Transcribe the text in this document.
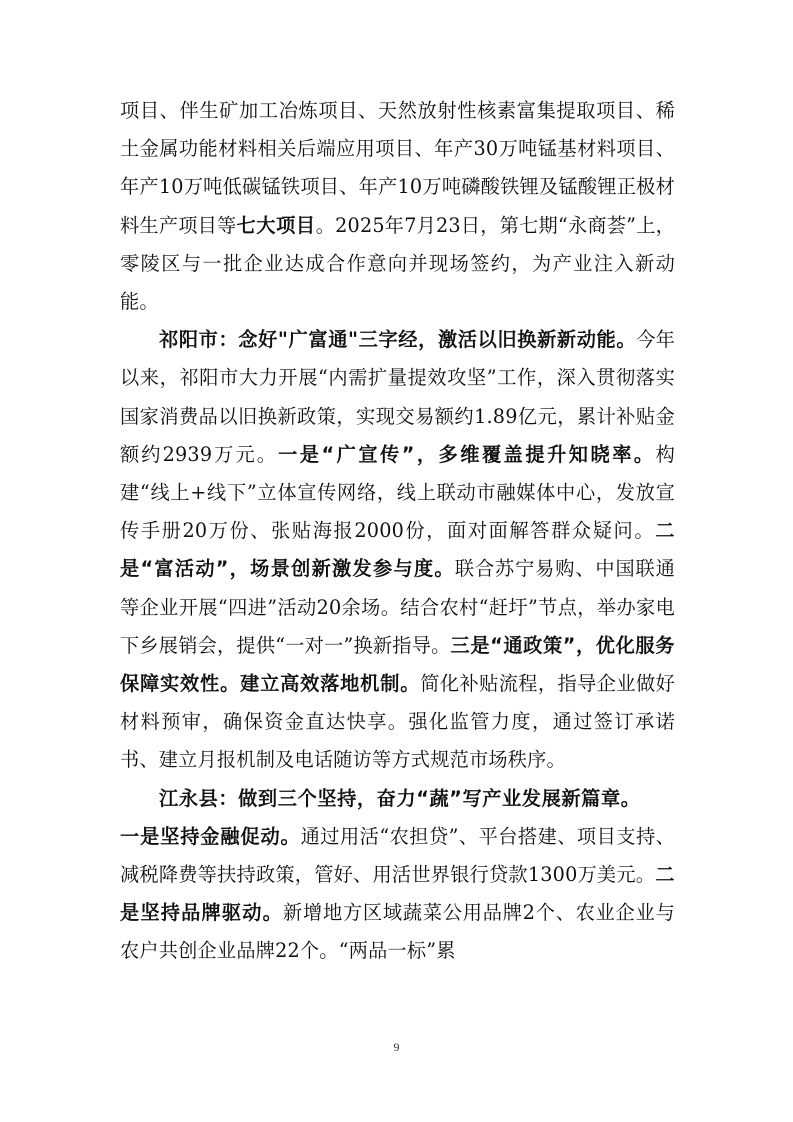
项目、伴生矿加工冶炼项目、天然放射性核素富集提取项目、稀土金属功能材料相关后端应用项目、年产30万吨锰基材料项目、年产10万吨低碳锰铁项目、年产10万吨磷酸铁锂及锰酸锂正极材料生产项目等七大项目。2025年7月23日，第七期“永商荟”上，零陵区与一批企业达成合作意向并现场签约，为产业注入新动能。

祁阳市：念好"广富通"三字经，激活以旧换新新动能。今年以来，祁阳市大力开展“内需扩量提效攻坚”工作，深入贯彻落实国家消费品以旧换新政策，实现交易额约1.89亿元，累计补贴金额约2939万元。一是“广宣传”，多维覆盖提升知晓率。构建“线上+线下”立体宣传网络，线上联动市融媒体中心，发放宣传手册20万份、张贴海报2000份，面对面解答群众疑问。二是“富活动”，场景创新激发参与度。联合苏宁易购、中国联通等企业开展“四进”活动20余场。结合农村“赶圩”节点，举办家电下乡展销会，提供“一对一”换新指导。三是“通政策”，优化服务保障实效性。建立高效落地机制。简化补贴流程，指导企业做好材料预审，确保资金直达快享。强化监管力度，通过签订承诺书、建立月报机制及电话随访等方式规范市场秩序。

江永县：做到三个坚持，奋力“蔬”写产业发展新篇章。

一是坚持金融促动。通过用活“农担贷”、平台搭建、项目支持、减税降费等扶持政策，管好、用活世界银行贷款1300万美元。二是坚持品牌驱动。新增地方区域蔬菜公用品牌2个、农业企业与农户共创企业品牌22个。“两品一标”累

9
